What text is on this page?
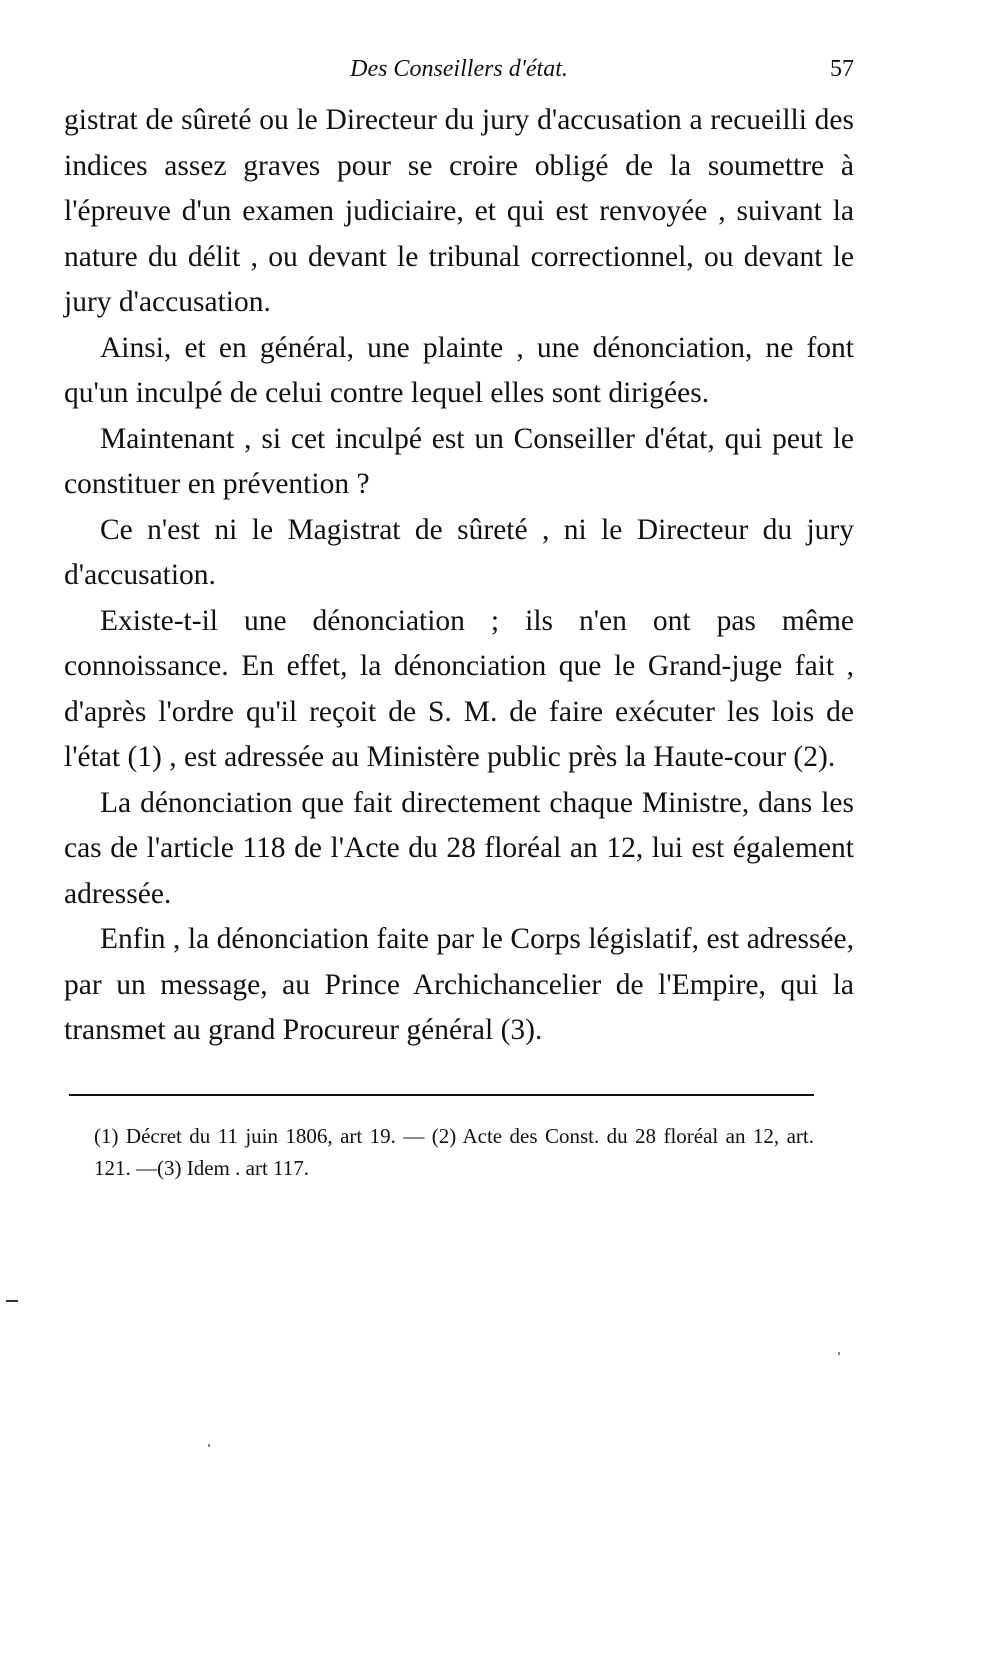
Des Conseillers d'état.	57

gistrat de sûreté ou le Directeur du jury d'accusation a recueilli des indices assez graves pour se croire obligé de la soumettre à l'épreuve d'un examen judiciaire, et qui est renvoyée , suivant la nature du délit , ou devant le tribunal correctionnel, ou devant le jury d'accusation.

Ainsi, et en général, une plainte , une dénonciation, ne font qu'un inculpé de celui contre lequel elles sont dirigées.

Maintenant , si cet inculpé est un Conseiller d'état, qui peut le constituer en prévention ?

Ce n'est ni le Magistrat de sûreté , ni le Directeur du jury d'accusation.

Existe-t-il une dénonciation ; ils n'en ont pas même connoissance. En effet, la dénonciation que le Grand-juge fait , d'après l'ordre qu'il reçoit de S. M. de faire exécuter les lois de l'état (1) , est adressée au Ministère public près la Haute-cour (2).

La dénonciation que fait directement chaque Ministre, dans les cas de l'article 118 de l'Acte du 28 floréal an 12, lui est également adressée.

Enfin , la dénonciation faite par le Corps législatif, est adressée, par un message, au Prince Archichancelier de l'Empire, qui la transmet au grand Procureur général (3).

(1) Décret du 11 juin 1806, art 19. — (2) Acte des Const. du 28 floréal an 12, art. 121. —(3) Idem . art 117.
